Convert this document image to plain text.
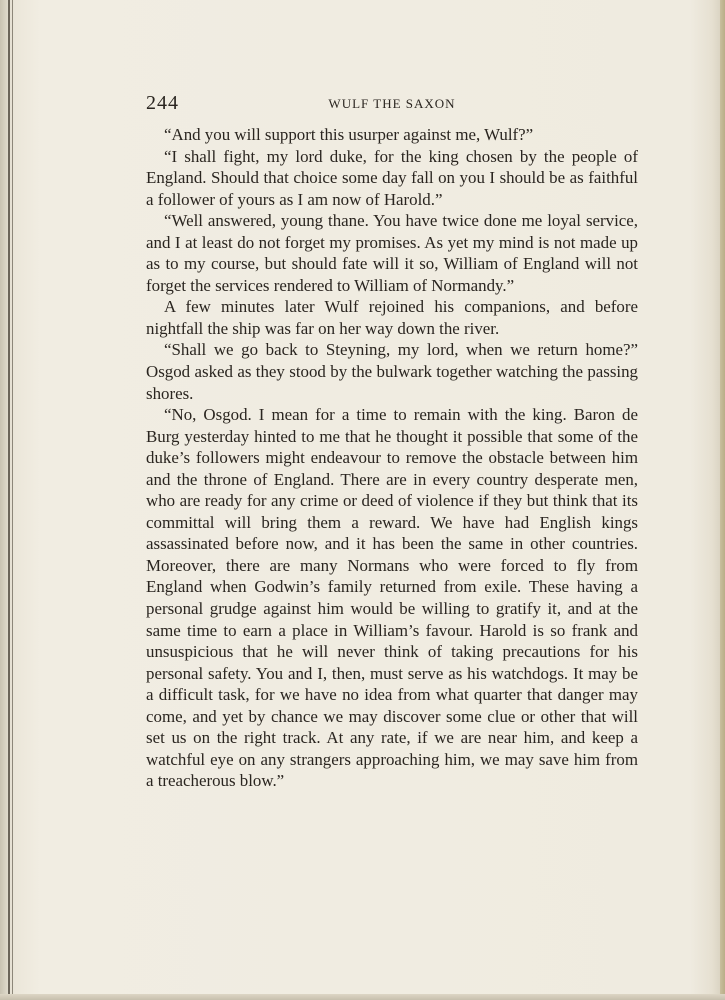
244	WULF THE SAXON

“And you will support this usurper against me, Wulf?”

“I shall fight, my lord duke, for the king chosen by the people of England. Should that choice some day fall on you I should be as faithful a follower of yours as I am now of Harold.”

“Well answered, young thane. You have twice done me loyal service, and I at least do not forget my promises. As yet my mind is not made up as to my course, but should fate will it so, William of England will not forget the services rendered to William of Normandy.”

A few minutes later Wulf rejoined his companions, and before nightfall the ship was far on her way down the river.

“Shall we go back to Steyning, my lord, when we return home?” Osgod asked as they stood by the bulwark together watching the passing shores.

“No, Osgod. I mean for a time to remain with the king. Baron de Burg yesterday hinted to me that he thought it possible that some of the duke’s followers might endeavour to remove the obstacle between him and the throne of England. There are in every country desperate men, who are ready for any crime or deed of violence if they but think that its committal will bring them a reward. We have had English kings assassinated before now, and it has been the same in other countries. Moreover, there are many Normans who were forced to fly from England when Godwin’s family returned from exile. These having a personal grudge against him would be willing to gratify it, and at the same time to earn a place in William’s favour. Harold is so frank and unsuspicious that he will never think of taking precautions for his personal safety. You and I, then, must serve as his watchdogs. It may be a difficult task, for we have no idea from what quarter that danger may come, and yet by chance we may discover some clue or other that will set us on the right track. At any rate, if we are near him, and keep a watchful eye on any strangers approaching him, we may save him from a treacherous blow.”
